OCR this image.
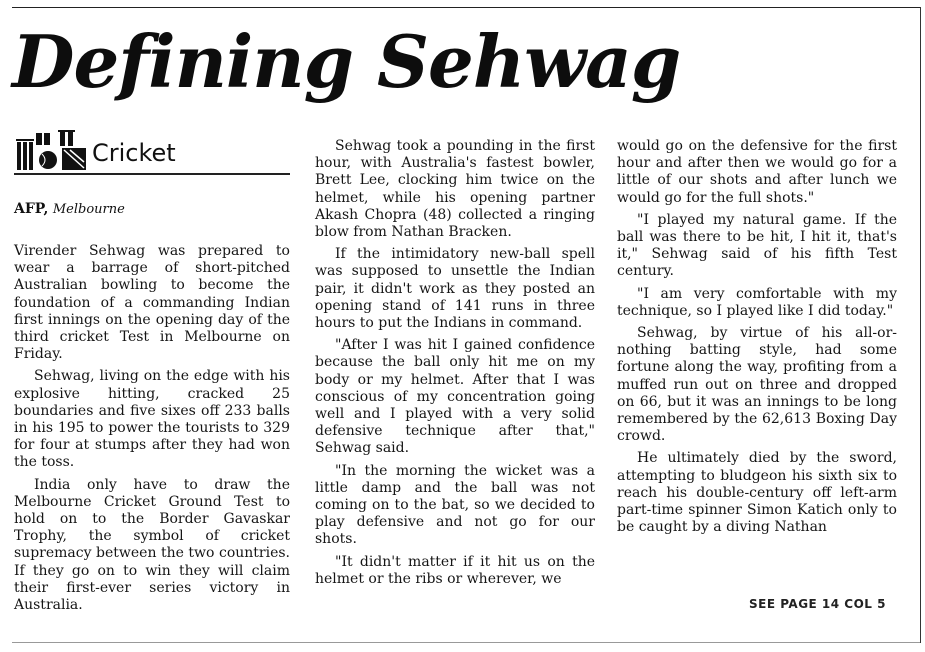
Defining Sehwag
Cricket
AFP, Melbourne

Virender Sehwag was prepared to wear a barrage of short-pitched Australian bowling to become the foundation of a commanding Indian first innings on the opening day of the third cricket Test in Melbourne on Friday.

Sehwag, living on the edge with his explosive hitting, cracked 25 boundaries and five sixes off 233 balls in his 195 to power the tourists to 329 for four at stumps after they had won the toss.

India only have to draw the Melbourne Cricket Ground Test to hold on to the Border Gavaskar Trophy, the symbol of cricket supremacy between the two countries. If they go on to win they will claim their first-ever series victory in Australia.

Sehwag took a pounding in the first hour, with Australia's fastest bowler, Brett Lee, clocking him twice on the helmet, while his opening partner Akash Chopra (48) collected a ringing blow from Nathan Bracken.

If the intimidatory new-ball spell was supposed to unsettle the Indian pair, it didn't work as they posted an opening stand of 141 runs in three hours to put the Indians in command.

"After I was hit I gained confidence because the ball only hit me on my body or my helmet. After that I was conscious of my concentration going well and I played with a very solid defensive technique after that," Sehwag said.

"In the morning the wicket was a little damp and the ball was not coming on to the bat, so we decided to play defensive and not go for our shots.

"It didn't matter if it hit us on the helmet or the ribs or wherever, we

would go on the defensive for the first hour and after then we would go for a little of our shots and after lunch we would go for the full shots."

"I played my natural game. If the ball was there to be hit, I hit it, that's it," Sehwag said of his fifth Test century.

"I am very comfortable with my technique, so I played like I did today."

Sehwag, by virtue of his all-or-nothing batting style, had some fortune along the way, profiting from a muffed run out on three and dropped on 66, but it was an innings to be long remembered by the 62,613 Boxing Day crowd.

He ultimately died by the sword, attempting to bludgeon his sixth six to reach his double-century off left-arm part-time spinner Simon Katich only to be caught by a diving Nathan

SEE PAGE 14 COL 5
